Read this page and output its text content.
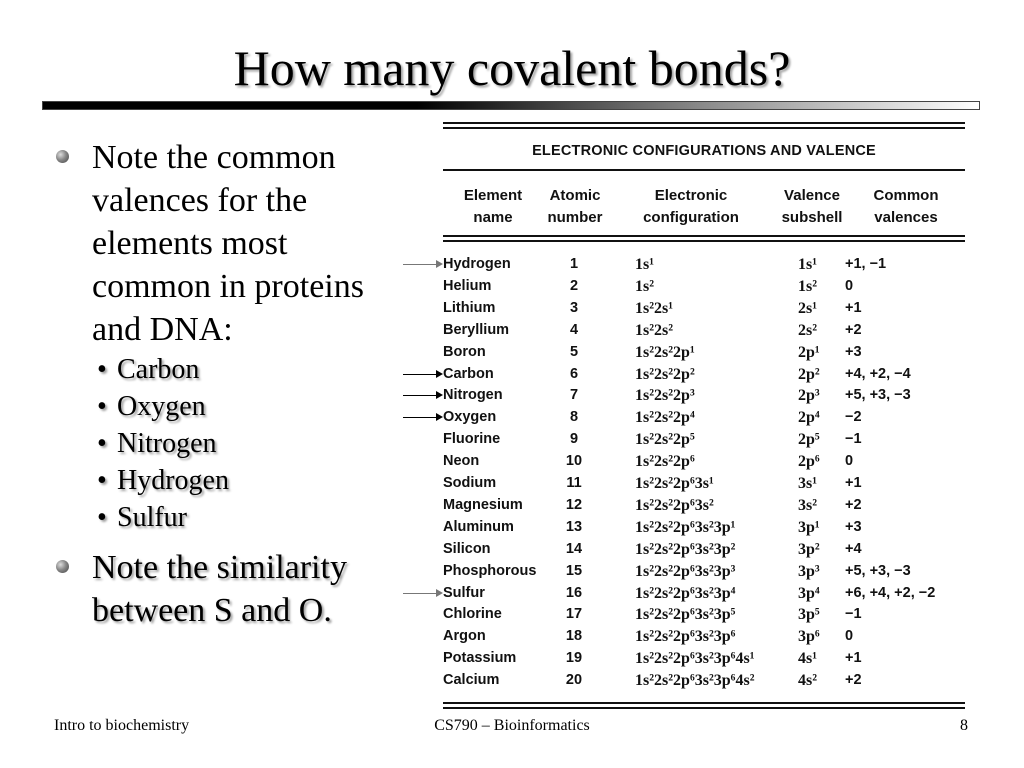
How many covalent bonds?
Note the common valences for the elements most common in proteins and DNA:
• Carbon
• Oxygen
• Nitrogen
• Hydrogen
• Sulfur
Note the similarity between S and O.
ELECTRONIC CONFIGURATIONS AND VALENCE
Element name
Atomic number
Electronic configuration
Valence subshell
Common valences
Hydrogen	1	1s¹	1s¹ +1, −1
Helium	2	1s²	1s² 0
Lithium	3	1s²2s¹	2s¹ +1
Beryllium	4	1s²2s²	2s² +2
Boron	5	1s²2s²2p¹	2p¹ +3
Carbon	6	1s²2s²2p²	2p² +4, +2, −4
Nitrogen	7	1s²2s²2p³	2p³ +5, +3, −3
Oxygen	8	1s²2s²2p⁴	2p⁴ −2
Fluorine	9	1s²2s²2p⁵	2p⁵ −1
Neon	10	1s²2s²2p⁶	2p⁶ 0
Sodium	11	1s²2s²2p⁶3s¹	3s¹ +1
Magnesium	12	1s²2s²2p⁶3s²	3s² +2
Aluminum	13	1s²2s²2p⁶3s²3p¹	3p¹ +3
Silicon	14	1s²2s²2p⁶3s²3p²	3p² +4
Phosphorous	15	1s²2s²2p⁶3s²3p³	3p³ +5, +3, −3
Sulfur	16	1s²2s²2p⁶3s²3p⁴	3p⁴ +6, +4, +2, −2
Chlorine	17	1s²2s²2p⁶3s²3p⁵	3p⁵ −1
Argon	18	1s²2s²2p⁶3s²3p⁶	3p⁶ 0
Potassium	19	1s²2s²2p⁶3s²3p⁶4s¹	4s¹ +1
Calcium	20	1s²2s²2p⁶3s²3p⁶4s²	4s² +2
Intro to biochemistry	CS790 – Bioinformatics	8
